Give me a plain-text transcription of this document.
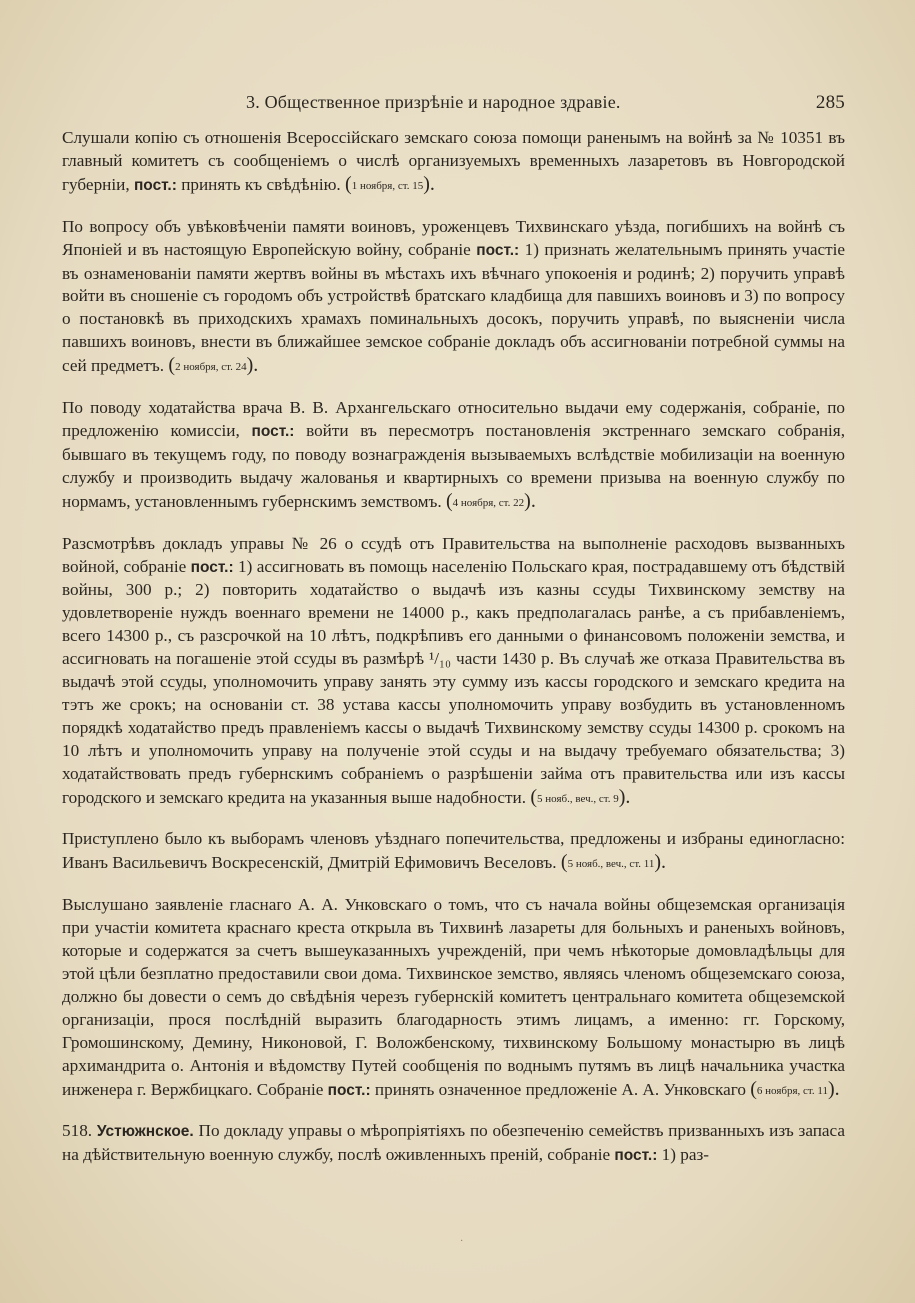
3. Общественное призрѣніе и народное здравіе.	285

Слушали копію съ отношенія Всероссійскаго земскаго союза помощи раненымъ на войнѣ за № 10351 въ главный комитетъ съ сообщеніемъ о числѣ организуемыхъ временныхъ лазаретовъ въ Новгородской губерніи, пост.: принять къ свѣдѣнію. (1 ноября, ст. 15).

По вопросу объ увѣковѣченіи памяти воиновъ, уроженцевъ Тихвинскаго уѣзда, погибшихъ на войнѣ съ Японіей и въ настоящую Европейскую войну, собраніе пост.: 1) признать желательнымъ принять участіе въ ознаменованіи памяти жертвъ войны въ мѣстахъ ихъ вѣчнаго упокоенія и родинѣ; 2) поручить управѣ войти въ сношеніе съ городомъ объ устройствѣ братскаго кладбища для павшихъ воиновъ и 3) по вопросу о постановкѣ въ приходскихъ храмахъ поминальныхъ досокъ, поручить управѣ, по выясненіи числа павшихъ воиновъ, внести въ ближайшее земское собраніе докладъ объ ассигнованіи потребной суммы на сей предметъ. (2 ноября, ст. 24).

По поводу ходатайства врача В. В. Архангельскаго относительно выдачи ему содержанія, собраніе, по предложенію комиссіи, пост.: войти въ пересмотръ постановленія экстреннаго земскаго собранія, бывшаго въ текущемъ году, по поводу вознагражденія вызываемыхъ вслѣдствіе мобилизаціи на военную службу и производить выдачу жалованья и квартирныхъ со времени призыва на военную службу по нормамъ, установленнымъ губернскимъ земствомъ. (4 ноября, ст. 22).

Разсмотрѣвъ докладъ управы № 26 о ссудѣ отъ Правительства на выполненіе расходовъ вызванныхъ войной, собраніе пост.: 1) ассигновать въ помощь населенію Польскаго края, пострадавшему отъ бѣдствій войны, 300 р.; 2) повторить ходатайство о выдачѣ изъ казны ссуды Тихвинскому земству на удовлетвореніе нуждъ военнаго времени не 14000 р., какъ предполагалась ранѣе, а съ прибавленіемъ, всего 14300 р., съ разсрочкой на 10 лѣтъ, подкрѣпивъ его данными о финансовомъ положеніи земства, и ассигновать на погашеніе этой ссуды въ размѣрѣ ¹/₁₀ части 1430 р. Въ случаѣ же отказа Правительства въ выдачѣ этой ссуды, уполномочить управу занять эту сумму изъ кассы городского и земскаго кредита на тэтъ же срокъ; на основаніи ст. 38 устава кассы уполномочить управу возбудить въ установленномъ порядкѣ ходатайство предъ правленіемъ кассы о выдачѣ Тихвинскому земству ссуды 14300 р. срокомъ на 10 лѣтъ и уполномочить управу на полученіе этой ссуды и на выдачу требуемаго обязательства; 3) ходатайствовать предъ губернскимъ собраніемъ о разрѣшеніи займа отъ правительства или изъ кассы городского и земскаго кредита на указанныя выше надобности. (5 нояб., веч., ст. 9).

Приступлено было къ выборамъ членовъ уѣзднаго попечительства, предложены и избраны единогласно: Иванъ Васильевичъ Воскресенскій, Дмитрій Ефимовичъ Веселовъ. (5 нояб., веч., ст. 11).

Выслушано заявленіе гласнаго А. А. Унковскаго о томъ, что съ начала войны общеземская организація при участіи комитета краснаго креста открыла въ Тихвинѣ лазареты для больныхъ и раненыхъ войновъ, которые и содержатся за счетъ вышеуказанныхъ учрежденій, при чемъ нѣкоторые домовладѣльцы для этой цѣли безплатно предоставили свои дома. Тихвинское земство, являясь членомъ общеземскаго союза, должно бы довести о семъ до свѣдѣнія черезъ губернскій комитетъ центральнаго комитета общеземской организаціи, прося послѣдній выразить благодарность этимъ лицамъ, а именно: гг. Горскому, Громошинскому, Демину, Никоновой, Г. Воложбенскому, тихвинскому Большому монастырю въ лицѣ архимандрита о. Антонія и вѣдомству Путей сообщенія по воднымъ путямъ въ лицѣ начальника участка инженера г. Вержбицкаго. Собраніе пост.: принять означенное предложеніе А. А. Унковскаго (6 ноября, ст. 11).

518. Устюжнское. По докладу управы о мѣропріятіяхъ по обезпеченію семействъ призванныхъ изъ запаса на дѣйствительную военную службу, послѣ оживленныхъ преній, собраніе пост.: 1) раз-

·
